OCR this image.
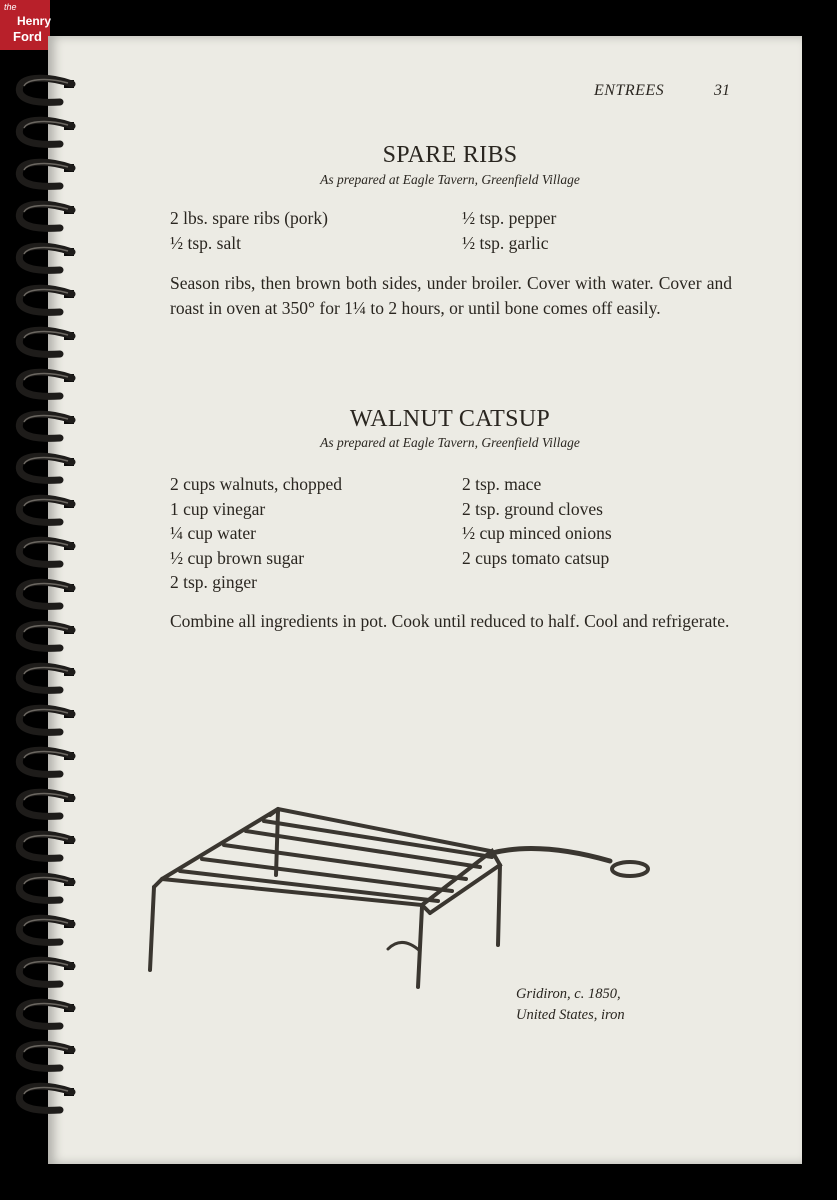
the
Henry
Ford
ENTREES	31
SPARE RIBS
As prepared at Eagle Tavern, Greenfield Village
2 lbs. spare ribs (pork)
½ tsp. salt
½ tsp. pepper
½ tsp. garlic
Season ribs, then brown both sides, under broiler. Cover with water. Cover and roast in oven at 350° for 1¼ to 2 hours, or until bone comes off easily.
WALNUT CATSUP
As prepared at Eagle Tavern, Greenfield Village
2 cups walnuts, chopped
1 cup vinegar
¼ cup water
½ cup brown sugar
2 tsp. ginger
2 tsp. mace
2 tsp. ground cloves
½ cup minced onions
2 cups tomato catsup
Combine all ingredients in pot. Cook until reduced to half. Cool and refrigerate.
Gridiron, c. 1850,
United States, iron
